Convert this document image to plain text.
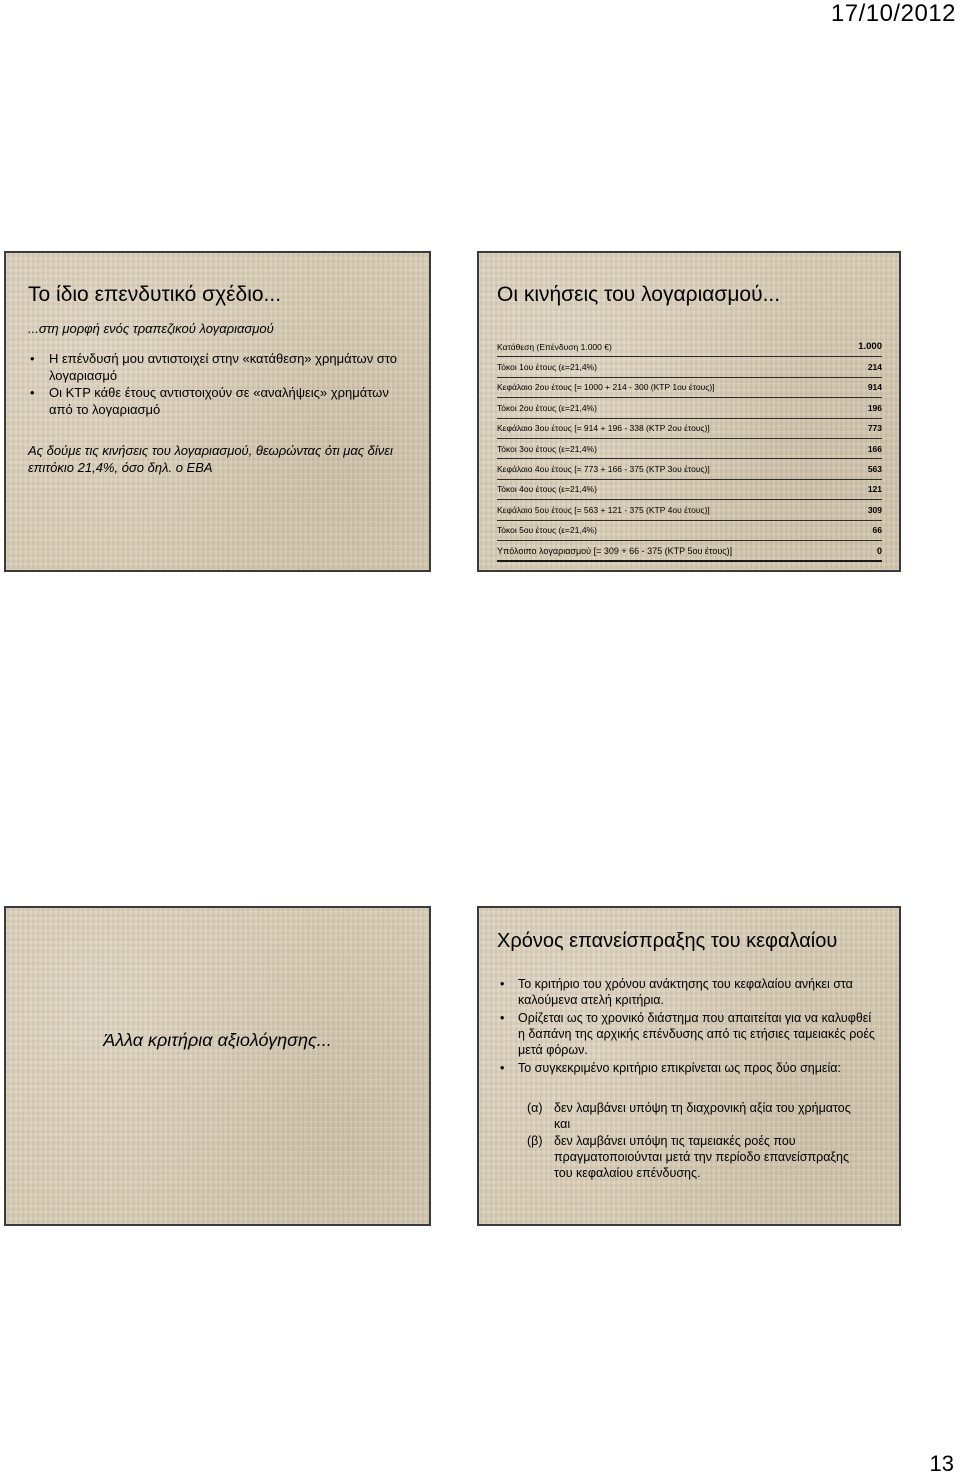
17/10/2012
Το ίδιο επενδυτικό σχέδιο...
...στη μορφή ενός τραπεζικού λογαριασμού
• Η επένδυσή μου αντιστοιχεί στην «κατάθεση» χρημάτων στο λογαριασμό
• Οι ΚΤΡ κάθε έτους αντιστοιχούν σε «αναλήψεις» χρημάτων από το λογαριασμό
Ας δούμε τις κινήσεις του λογαριασμού, θεωρώντας ότι μας δίνει επιτόκιο 21,4%, όσο δηλ. ο ΕΒΑ
Οι κινήσεις του λογαριασμού...
Κατάθεση (Επένδυση 1.000 €)	1.000
Τόκοι 1ου έτους (ε=21,4%)	214
Κεφάλαιο 2ου έτους [= 1000 + 214 - 300 (ΚΤΡ 1ου έτους)]	914
Τόκοι 2ου έτους (ε=21,4%)	196
Κεφάλαιο 3ου έτους [= 914 + 196 - 338 (ΚΤΡ 2ου έτους)]	773
Τόκοι 3ου έτους (ε=21,4%)	166
Κεφάλαιο 4ου έτους [= 773 + 166 - 375 (ΚΤΡ 3ου έτους)]	563
Τόκοι 4ου έτους (ε=21,4%)	121
Κεφάλαιο 5ου έτους [= 563 + 121 - 375 (ΚΤΡ 4ου έτους)]	309
Τόκοι 5ου έτους (ε=21,4%)	66
Υπόλοιπο λογαριασμού [= 309 + 66 - 375 (ΚΤΡ 5ου έτους)]	0
Άλλα κριτήρια αξιολόγησης...
Χρόνος επανείσπραξης του κεφαλαίου
• Το κριτήριο του χρόνου ανάκτησης του κεφαλαίου ανήκει στα καλούμενα ατελή κριτήρια.
• Ορίζεται ως το χρονικό διάστημα που απαιτείται για να καλυφθεί η δαπάνη της αρχικής επένδυσης από τις ετήσιες ταμειακές ροές μετά φόρων.
• Το συγκεκριμένο κριτήριο επικρίνεται ως προς δύο σημεία:
(α) δεν λαμβάνει υπόψη τη διαχρονική αξία του χρήματος και
(β) δεν λαμβάνει υπόψη τις ταμειακές ροές που πραγματοποιούνται μετά την περίοδο επανείσπραξης του κεφαλαίου επένδυσης.
13
